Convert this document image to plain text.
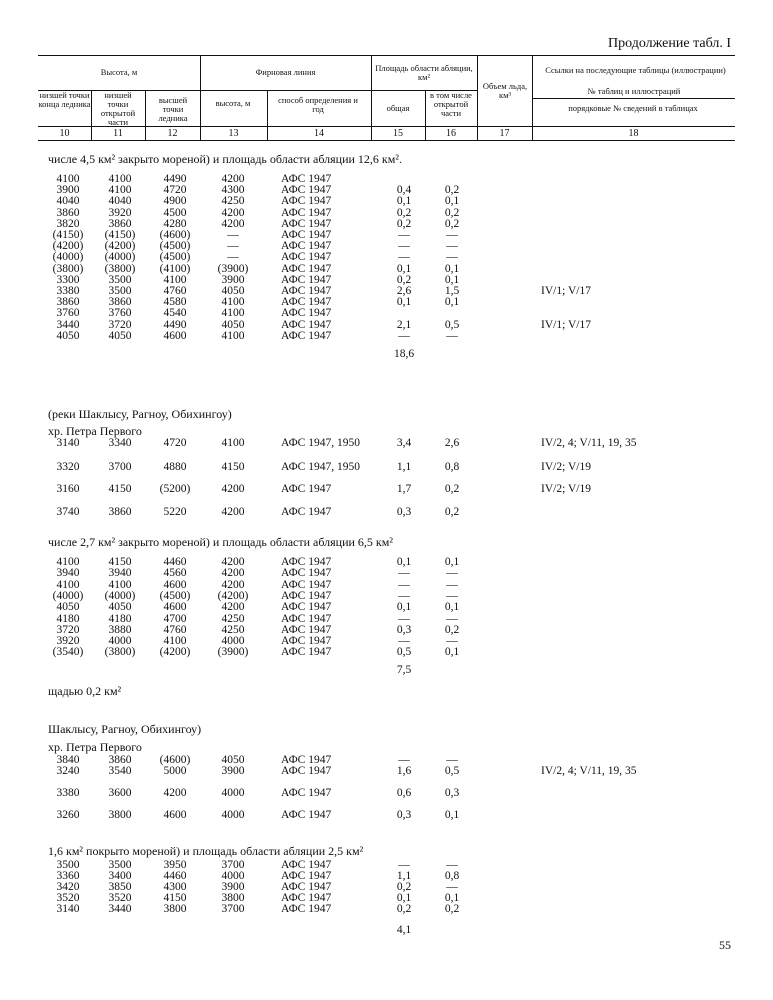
Продолжение табл. I
Высота, м
низшей точки конца ледника
низшей точки открытой части
высшей точки ледника
Фирновая линия
высота, м	способ определения и год
Площадь области абляции, км²
общая
в том числе открытой части
Объем льда, км³
Ссылки на последующие таблицы (иллюстрации)
№ таблиц и иллюстраций
порядковые № сведений в таблицах
10	11	12	13	14	15	16	17	18
числе 4,5 км² закрыто мореной) и площадь области абляции 12,6 км².
4100	4100	4490	4200	АФС 1947
3900	4100	4720	4300	АФС 1947	0,4	0,2
4040	4040	4900	4250	АФС 1947	0,1	0,1
3860	3920	4500	4200	АФС 1947	0,2	0,2
3820	3860	4280	4200	АФС 1947	0,2	0,2
(4150)	(4150)	(4600)	—	АФС 1947	—	—
(4200)	(4200)	(4500)	—	АФС 1947	—	—
(4000)	(4000)	(4500)	—	АФС 1947	—	—
(3800)	(3800)	(4100)	(3900)	АФС 1947	0,1	0,1
3300	3500	4100	3900	АФС 1947	0,2	0,1
3380	3500	4760	4050	АФС 1947	2,6	1,5	IV/1; V/17
3860	3860	4580	4100	АФС 1947	0,1	0,1
3760	3760	4540	4100	АФС 1947
3440	3720	4490	4050	АФС 1947	2,1	0,5	IV/1; V/17
4050	4050	4600	4100	АФС 1947	—	—
18,6
(реки Шаклысу, Рагноу, Обихингоу)
хр. Петра Первого
3140	3340	4720	4100	АФС 1947, 1950	3,4	2,6	IV/2, 4; V/11, 19, 35
3320	3700	4880	4150	АФС 1947, 1950	1,1	0,8	IV/2; V/19
3160	4150	(5200)	4200	АФС 1947	1,7	0,2	IV/2; V/19
3740	3860	5220	4200	АФС 1947	0,3	0,2
числе 2,7 км² закрыто мореной) и площадь области абляции 6,5 км²
4100	4150	4460	4200	АФС 1947	0,1	0,1
3940	3940	4560	4200	АФС 1947	—	—
4100	4100	4600	4200	АФС 1947	—	—
(4000)	(4000)	(4500)	(4200)	АФС 1947	—	—
4050	4050	4600	4200	АФС 1947	0,1	0,1
4180	4180	4700	4250	АФС 1947	—	—
3720	3880	4760	4250	АФС 1947	0,3	0,2
3920	4000	4100	4000	АФС 1947	—	—
(3540)	(3800)	(4200)	(3900)	АФС 1947	0,5	0,1
7,5
щадью 0,2 км²
Шаклысу, Рагноу, Обихингоу)
хр. Петра Первого
3840	3860	(4600)	4050	АФС 1947	—	—
3240	3540	5000	3900	АФС 1947	1,6	0,5	IV/2, 4; V/11, 19, 35
3380	3600	4200	4000	АФС 1947	0,6	0,3
3260	3800	4600	4000	АФС 1947	0,3	0,1
1,6 км² покрыто мореной) и площадь области абляции 2,5 км²
3500	3500	3950	3700	АФС 1947	—	—
3360	3400	4460	4000	АФС 1947	1,1	0,8
3420	3850	4300	3900	АФС 1947	0,2	—
3520	3520	4150	3800	АФС 1947	0,1	0,1
3140	3440	3800	3700	АФС 1947	0,2	0,2
4,1
55
